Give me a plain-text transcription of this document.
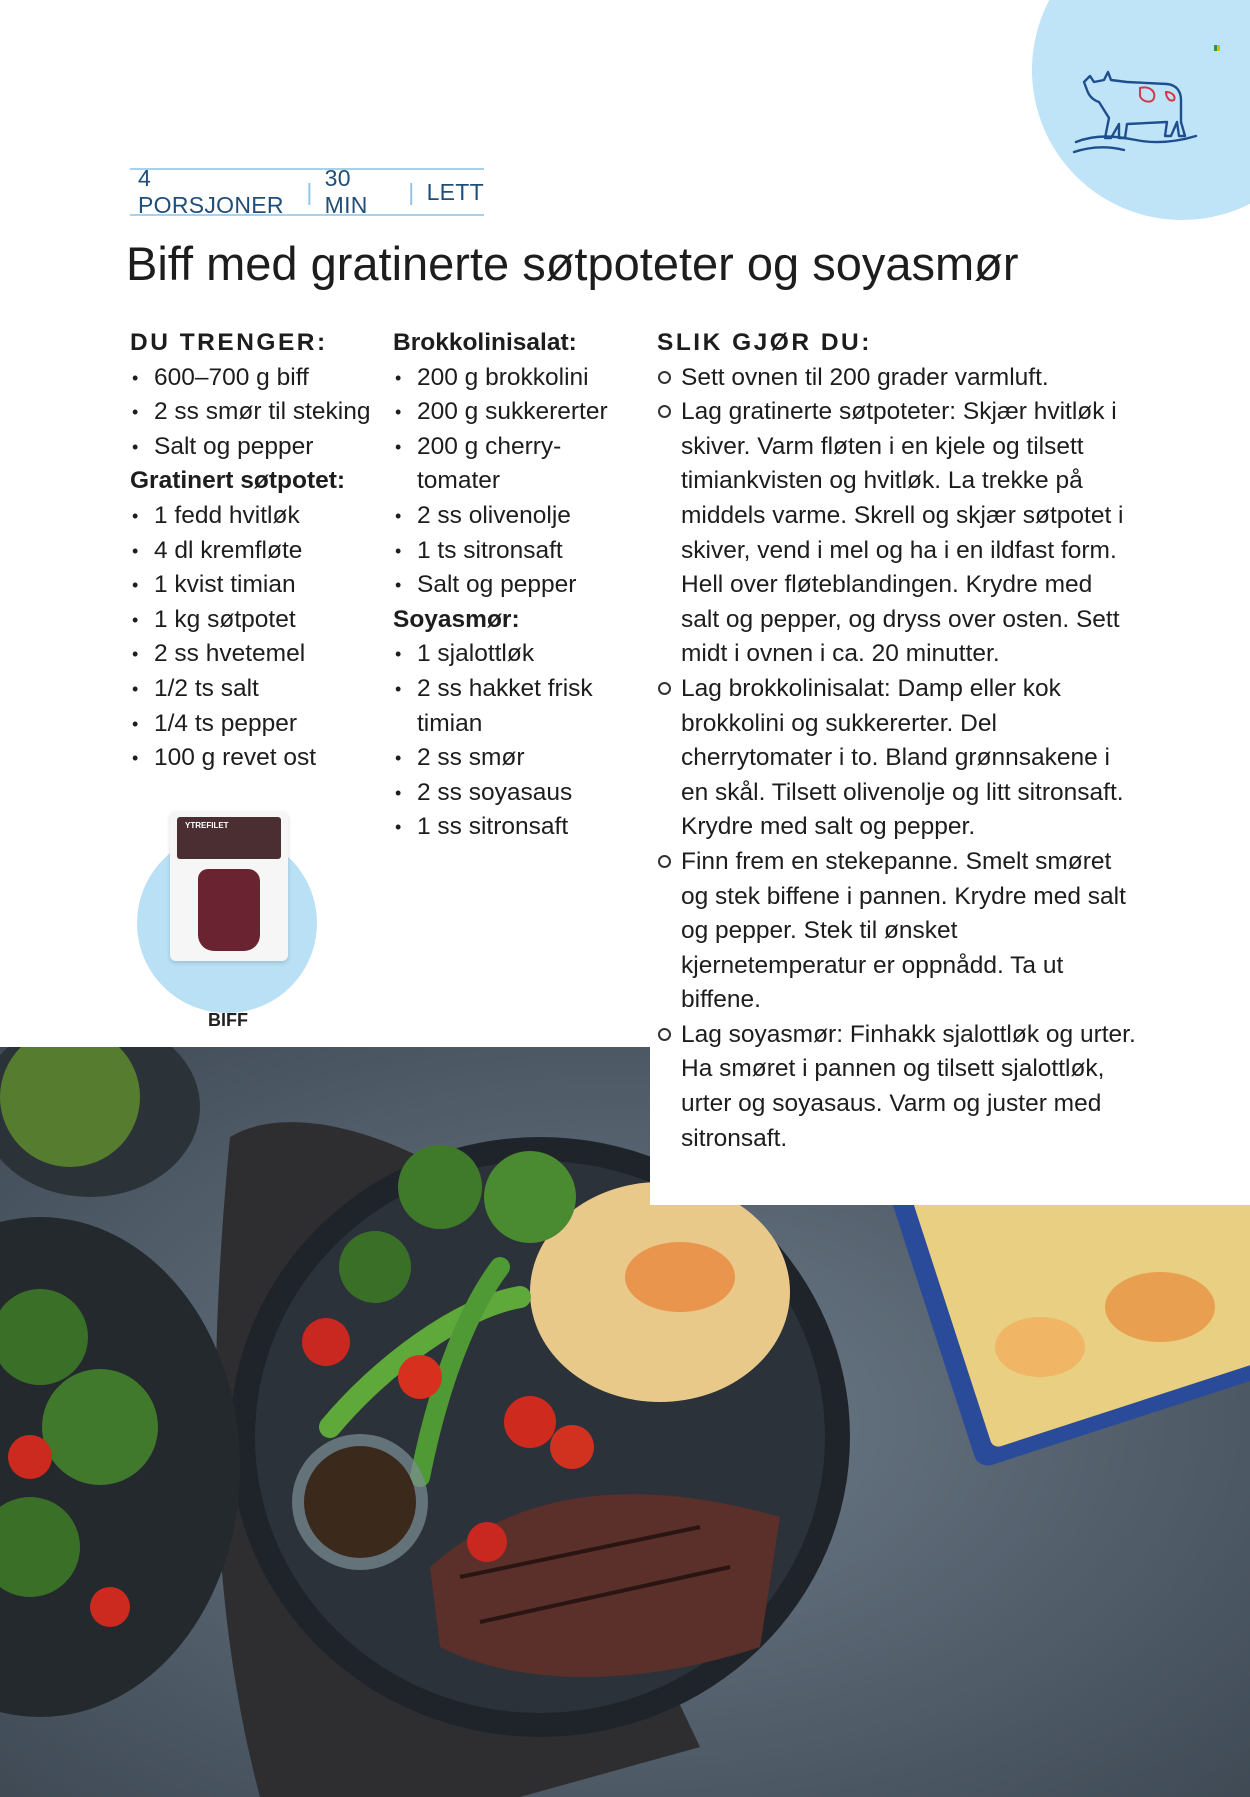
4 PORSJONER
|
30 MIN
| LETT
Biff med gratinerte søtpoteter og soyasmør
DU TRENGER:
• 600–700 g biff
• 2 ss smør til steking
• Salt og pepper
Gratinert søtpotet:
• 1 fedd hvitløk
• 4 dl kremfløte
• 1 kvist timian
• 1 kg søtpotet
• 2 ss hvetemel
• 1/2 ts salt
• 1/4 ts pepper
• 100 g revet ost
Brokkolinisalat:
• 200 g brokkolini
• 200 g sukkererter
• 200 g cherry-
tomater
• 2 ss olivenolje
• 1 ts sitronsaft
• Salt og pepper
Soyasmør:
• 1 sjalottløk
• 2 ss hakket frisk
timian
• 2 ss smør
• 2 ss soyasaus
• 1 ss sitronsaft
YTREFILET
BIFF
SLIK GJØR DU:
Sett ovnen til 200 grader varmluft.
Lag gratinerte søtpoteter: Skjær hvitløk i skiver. Varm fløten i en kjele og tilsett timiankvisten og hvitløk. La trekke på middels varme. Skrell og skjær søtpotet i skiver, vend i mel og ha i en ildfast form. Hell over fløteblandingen. Krydre med salt og pepper, og dryss over osten. Sett midt i ovnen i ca. 20 minutter.
Lag brokkolinisalat: Damp eller kok brokkolini og sukkererter. Del cherrytomater i to. Bland grønnsakene i en skål. Tilsett olivenolje og litt sitronsaft. Krydre med salt og pepper.
Finn frem en stekepanne. Smelt smøret og stek biffene i pannen. Krydre med salt og pepper. Stek til ønsket kjernetemperatur er oppnådd. Ta ut biffene.
Lag soyasmør: Finhakk sjalottløk og urter. Ha smøret i pannen og tilsett sjalottløk, urter og soyasaus. Varm og juster med sitronsaft.
